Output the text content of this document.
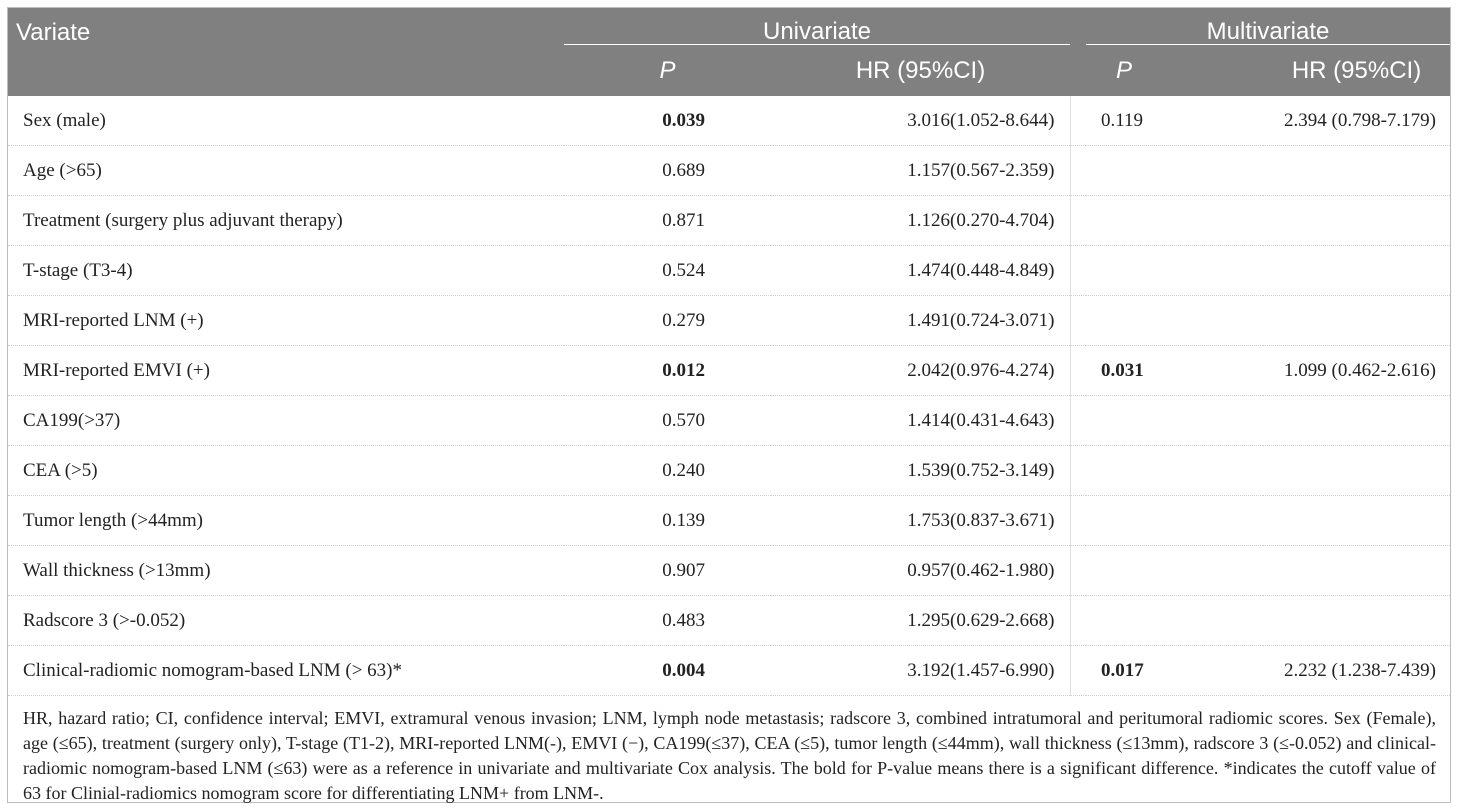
Variate	Univariate			Multivariate	
	P	HR (95%CI)		P	HR (95%CI)
Sex (male)	0.039	3.016(1.052-8.644)		0.119	2.394 (0.798-7.179)
Age (>65)	0.689	1.157(0.567-2.359)			
Treatment (surgery plus adjuvant therapy)	0.871	1.126(0.270-4.704)			
T-stage (T3-4)	0.524	1.474(0.448-4.849)			
MRI-reported LNM (+)	0.279	1.491(0.724-3.071)			
MRI-reported EMVI (+)	0.012	2.042(0.976-4.274)		0.031	1.099 (0.462-2.616)
CA199(>37)	0.570	1.414(0.431-4.643)			
CEA (>5)	0.240	1.539(0.752-3.149)			
Tumor length (>44mm)	0.139	1.753(0.837-3.671)			
Wall thickness (>13mm)	0.907	0.957(0.462-1.980)			
Radscore 3 (>-0.052)	0.483	1.295(0.629-2.668)			
Clinical-radiomic nomogram-based LNM (> 63)*	0.004	3.192(1.457-6.990)		0.017	2.232 (1.238-7.439)
HR, hazard ratio; CI, confidence interval; EMVI, extramural venous invasion; LNM, lymph node metastasis; radscore 3, combined intratumoral and peritumoral radiomic scores. Sex (Female), age (≤65), treatment (surgery only), T-stage (T1-2), MRI-reported LNM(-), EMVI (−), CA199(≤37), CEA (≤5), tumor length (≤44mm), wall thickness (≤13mm), radscore 3 (≤-0.052) and clinical-radiomic nomogram-based LNM (≤63) were as a reference in univariate and multivariate Cox analysis. The bold for P-value means there is a significant difference. *indicates the cutoff value of 63 for Clinial-radiomics nomogram score for differentiating LNM+ from LNM-.
